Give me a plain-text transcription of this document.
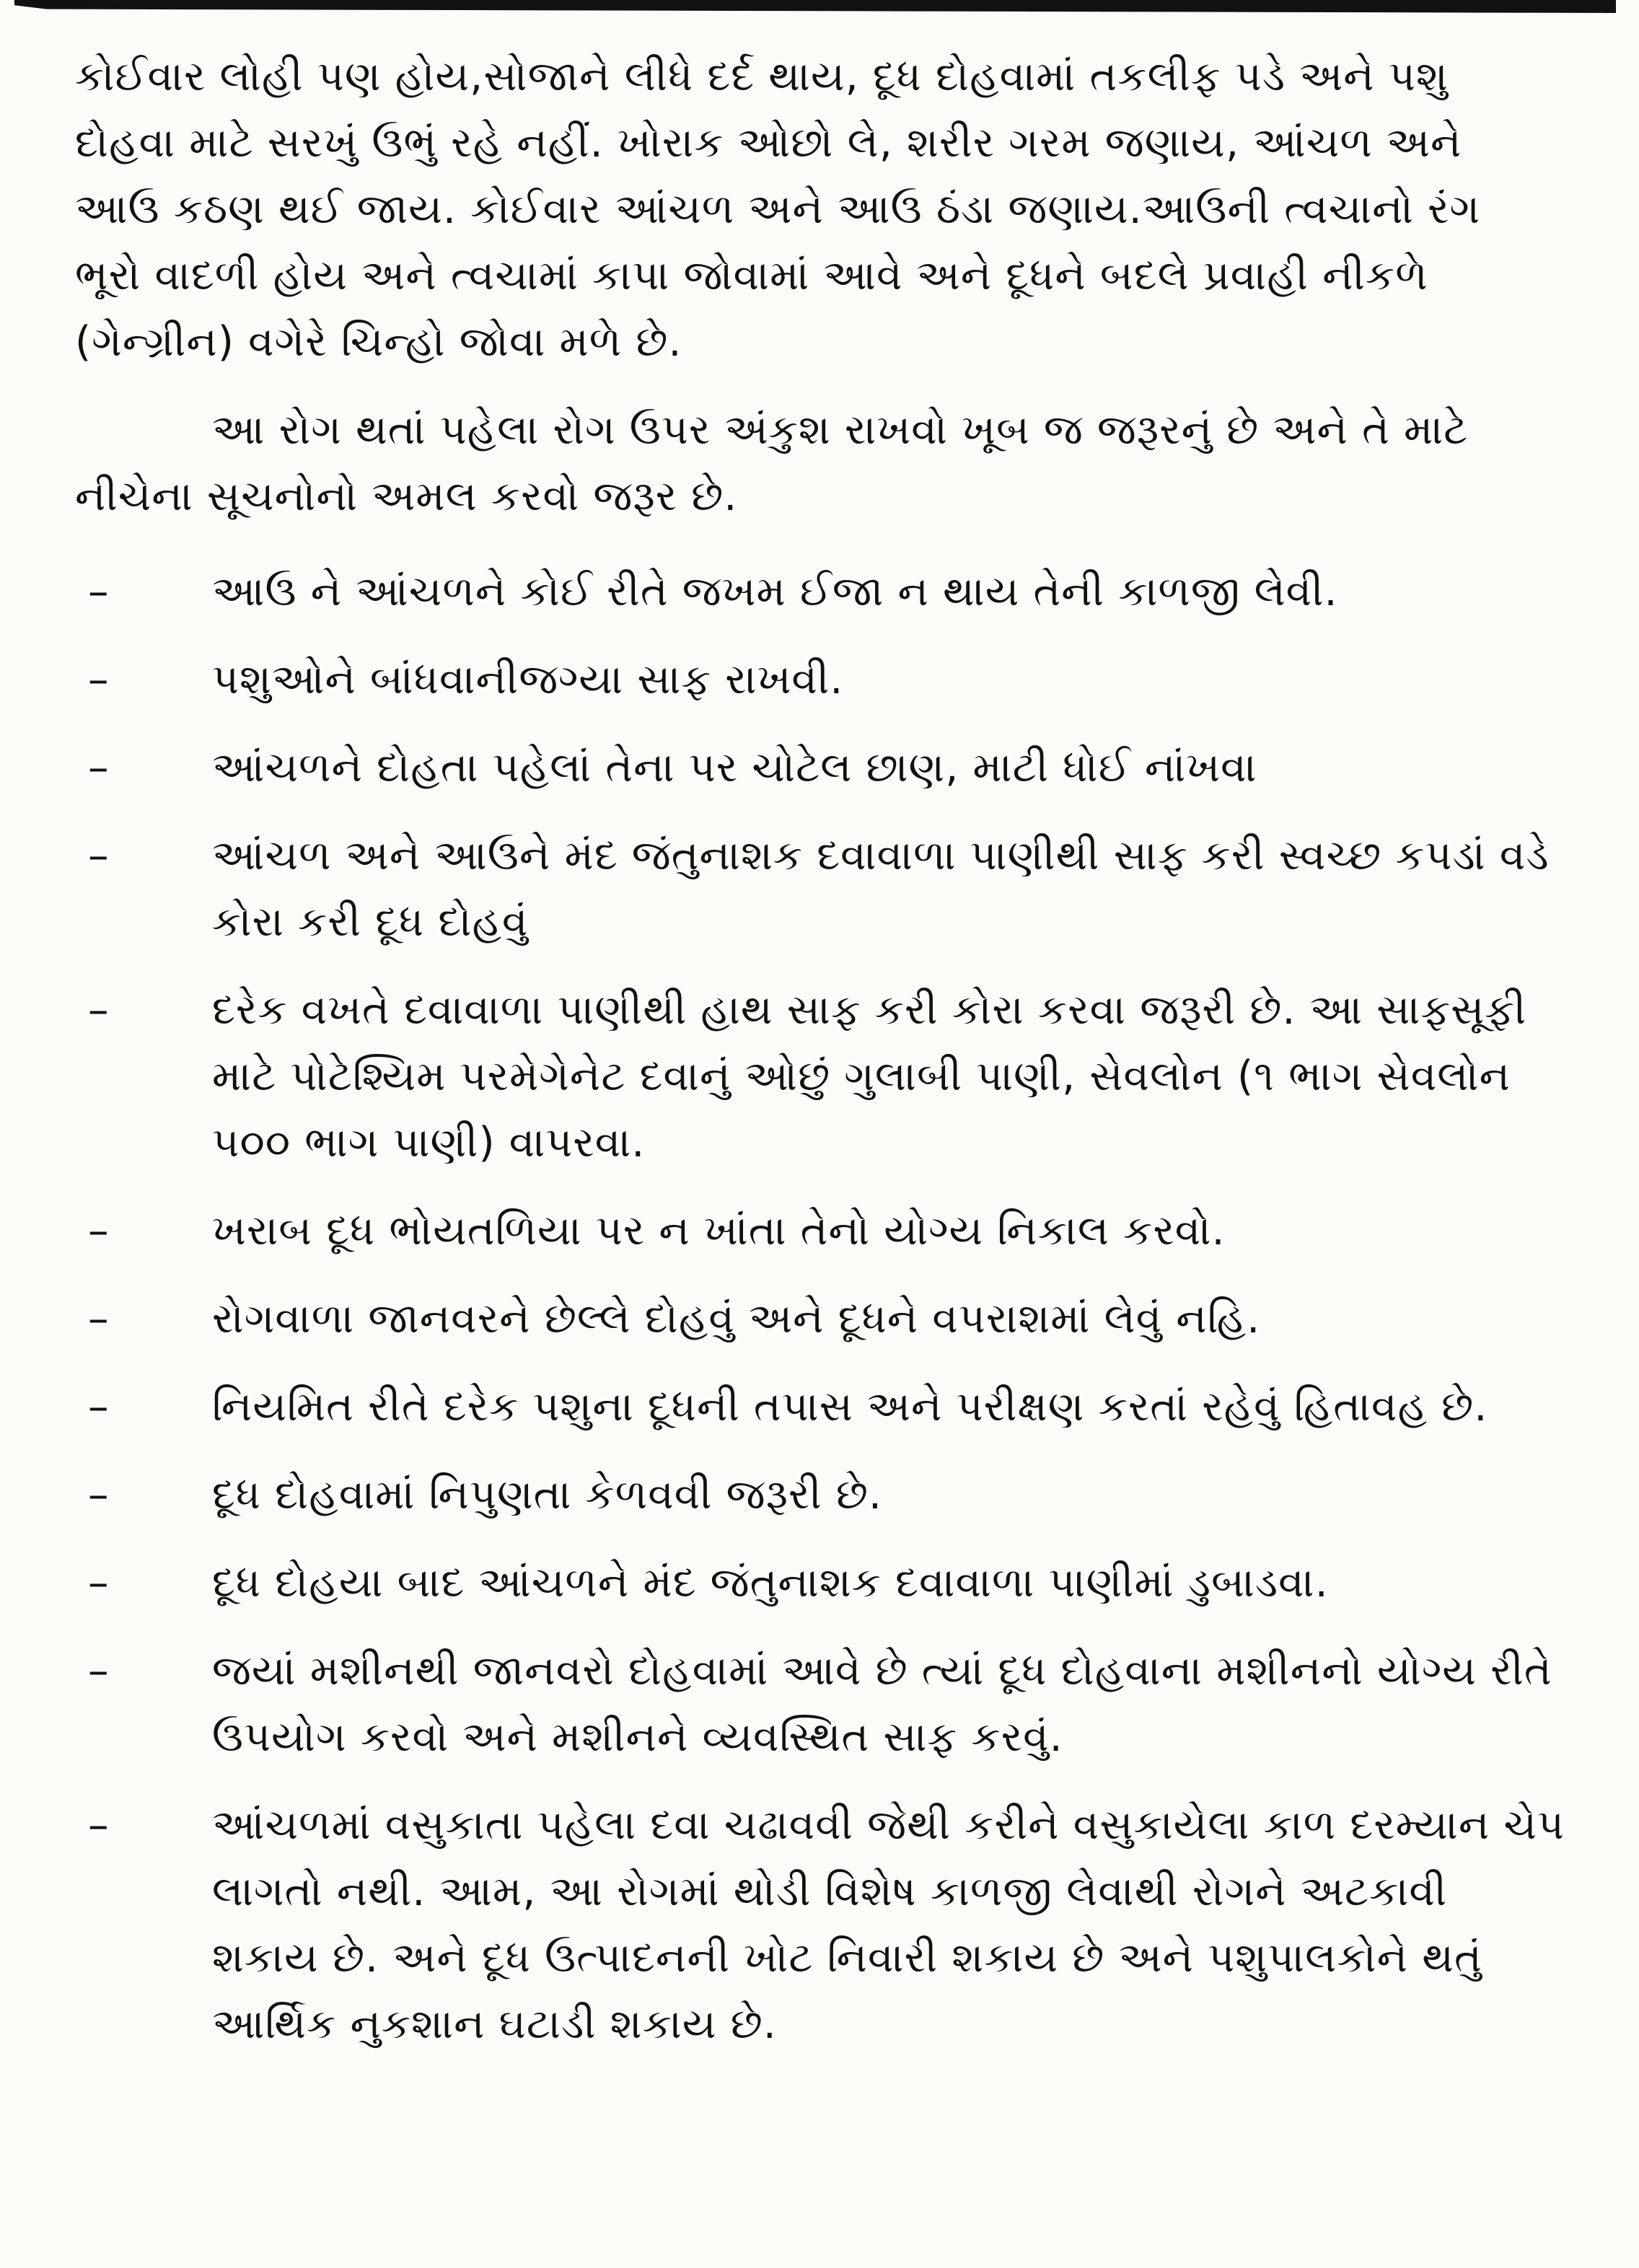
કોઈવાર લોહી પણ હોય,સોજાને લીધે દર્દ થાય, દૂધ દોહવામાં તકલીફ પડે અને પશુ
દોહવા માટે સરખું ઉભું રહે નહીં. ખોરાક ઓછો લે, શરીર ગરમ જણાય, આંચળ અને
આઉ કઠણ થઈ જાય. કોઈવાર આંચળ અને આઉ ઠંડા જણાય.આઉની ત્વચાનો રંગ
ભૂરો વાદળી હોય અને ત્વચામાં કાપા જોવામાં આવે અને દૂધને બદલે પ્રવાહી નીકળે
(ગેન્ગ્રીન) વગેરે ચિન્હો જોવા મળે છે.

આ રોગ થતાં પહેલા રોગ ઉપર અંકુશ રાખવો ખૂબ જ જરૂરનું છે અને તે માટે
નીચેના સૂચનોનો અમલ કરવો જરૂર છે.

–	આઉ ને આંચળને કોઈ રીતે જખમ ઈજા ન થાય તેની કાળજી લેવી.
–	પશુઓને બાંધવાનીજગ્યા સાફ રાખવી.
–	આંચળને દોહતા પહેલાં તેના પર ચોટેલ છાણ, માટી ધોઈ નાંખવા
–	આંચળ અને આઉને મંદ જંતુનાશક દવાવાળા પાણીથી સાફ કરી સ્વચ્છ કપડાં વડે કોરા કરી દૂધ દોહવું
–	દરેક વખતે દવાવાળા પાણીથી હાથ સાફ કરી કોરા કરવા જરૂરી છે. આ સાફસૂફી માટે પોટેશ્યિમ પરમેગેનેટ દવાનું ઓછું ગુલાબી પાણી, સેવલોન (૧ ભાગ સેવલોન ૫૦૦ ભાગ પાણી) વાપરવા.
–	ખરાબ દૂધ ભોયતળિયા પર ન ખાંતા તેનો યોગ્ય નિકાલ કરવો.
–	રોગવાળા જાનવરને છેલ્લે દોહવું અને દૂધને વપરાશમાં લેવું નહિ.
–	નિયમિત રીતે દરેક પશુના દૂધની તપાસ અને પરીક્ષણ કરતાં રહેવું હિતાવહ છે.
–	દૂધ દોહવામાં નિપુણતા કેળવવી જરૂરી છે.
–	દૂધ દોહયા બાદ આંચળને મંદ જંતુનાશક દવાવાળા પાણીમાં ડુબાડવા.
–	જયાં મશીનથી જાનવરો દોહવામાં આવે છે ત્યાં દૂધ દોહવાના મશીનનો યોગ્ય રીતે ઉપયોગ કરવો અને મશીનને વ્યવસ્થિત સાફ કરવું.
–	આંચળમાં વસુકાતા પહેલા દવા ચઢાવવી જેથી કરીને વસુકાયેલા કાળ દરમ્યાન ચેપ લાગતો નથી. આમ, આ રોગમાં થોડી વિશેષ કાળજી લેવાથી રોગને અટકાવી શકાય છે. અને દૂધ ઉત્પાદનની ખોટ નિવારી શકાય છે અને પશુપાલકોને થતું આર્થિક નુકશાન ઘટાડી શકાય છે.
